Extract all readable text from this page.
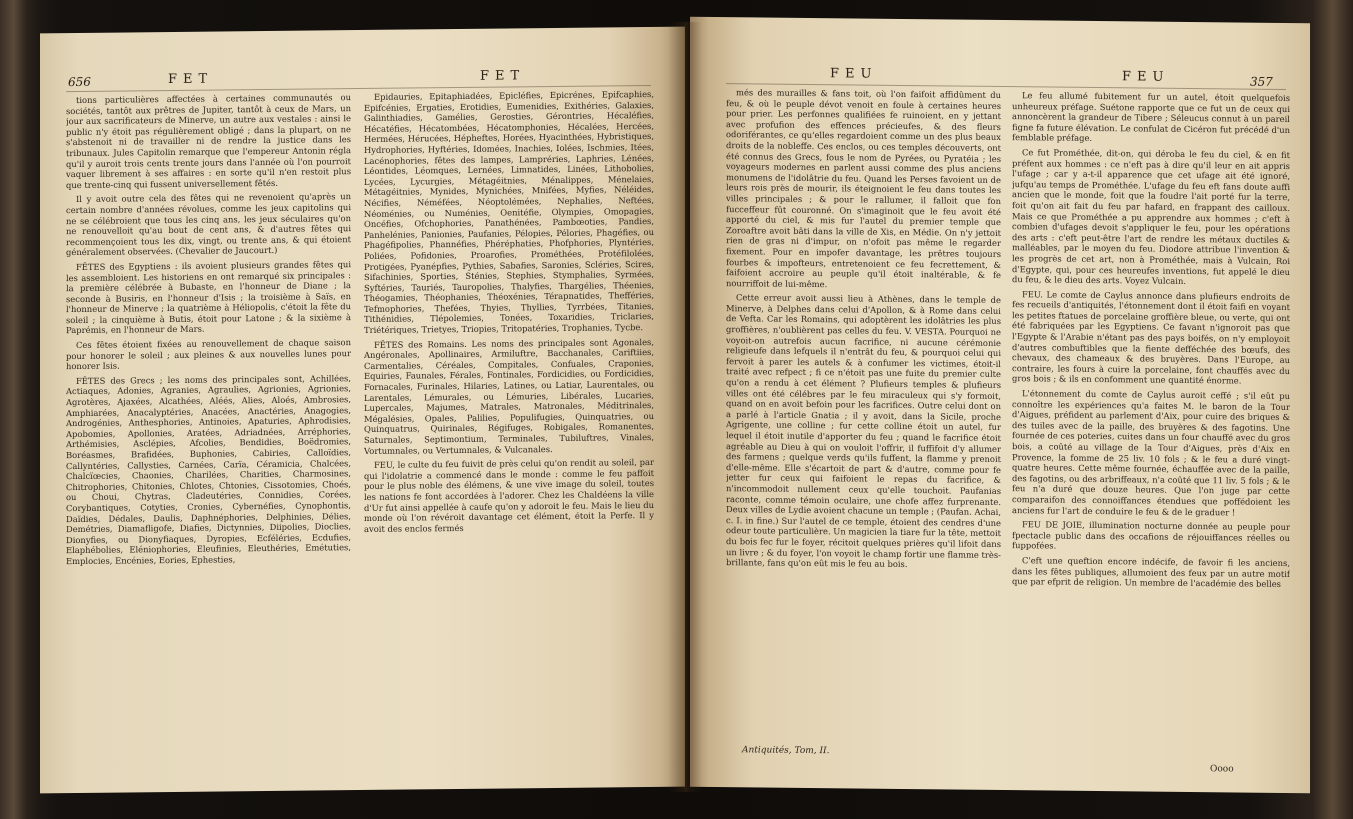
656	FET	FET

tions particulières affectées à certaines communautés ou sociétés, tantôt aux prêtres de Jupiter, tantôt à ceux de Mars, un jour aux sacrificateurs de Minerve, un autre aux vestales : ainsi le public n'y étoit pas régulièrement obligé ; dans la plupart, on ne s'abstenoit ni de travailler ni de rendre la justice dans les tribunaux. Jules Capitolin remarque que l'empereur Antonin régla qu'il y auroit trois cents trente jours dans l'année où l'on pourroit vaquer librement à ses affaires : en sorte qu'il n'en restoit plus que trente-cinq qui fussent universellement fêtés.

Il y avoit outre cela des fêtes qui ne revenoient qu'après un certain nombre d'années révolues, comme les jeux capitolins qui ne se célébroient que tous les cinq ans, les jeux séculaires qu'on ne renouvelloit qu'au bout de cent ans, & d'autres fêtes qui recommençoient tous les dix, vingt, ou trente ans, & qui étoient généralement observées. (Chevalier de Jaucourt.)

FÊTES des Egyptiens : ils avoient plusieurs grandes fêtes qui les assembloient. Les historiens en ont remarqué six principales : la première célébrée à Bubaste, en l'honneur de Diane ; la seconde à Busiris, en l'honneur d'Isis ; la troisième à Saïs, en l'honneur de Minerve ; la quatrième à Héliopolis, c'étoit la fête du soleil ; la cinquième à Butis, étoit pour Latone ; & la sixième à Paprémis, en l'honneur de Mars.

Ces fêtes étoient fixées au renouvellement de chaque saison pour honorer le soleil ; aux pleines & aux nouvelles lunes pour honorer Isis.

FÊTES des Grecs ; les noms des principales sont, Achillées, Actiaques, Adonies, Agranies, Agraulies, Agrionies, Agrionies, Agrotères, Ajaxées, Alcathées, Aléés, Alies, Aloés, Ambrosies, Amphiarées, Anacalyptéries, Anacées, Anactéries, Anagogies, Androgénies, Anthesphories, Antinoies, Apaturies, Aphrodisies, Apobomies, Apollonies, Aratées, Adriadnées, Arréphories, Arthémisies, Asclépies, Afcolies, Bendidies, Boëdromies, Boréasmes, Brafidées, Buphonies, Cabiries, Calloïdies, Callyntéries, Callysties, Carnées, Carïa, Céramicia, Chalcées, Chalcïœcies, Chaonies, Charilées, Charities, Charmosines, Chitrophories, Chitonies, Chlotes, Chtonies, Cissotomies, Choés, ou Choui, Chytras, Cladeutéries, Connidies, Corées, Corybantiques, Cotyties, Cronies, Cybernéfies, Cynophontis, Daïdies, Dédales, Daulis, Daphnéphories, Delphinies, Délies, Demétries, Diamafligofe, Diafies, Dictynnies, Diipolies, Dioclies, Dionyfies, ou Dionyfiaques, Dyropies, Ecféléries, Ecdufies, Elaphébolies, Eléniophories, Eleufinies, Eleuthéries, Emétuties, Emplocies, Encénies, Eories, Ephesties,

Epidauries, Epitaphiadées, Epicléfies, Epicrénes, Epifcaphies, Epifcénies, Ergaties, Erotidies, Eumenidies, Exithéries, Galaxies, Galinthiadies, Gamélies, Gerosties, Gérontries, Hécaléfies, Hécatéfies, Hécatombées, Hécatomphonies, Hécalées, Hercées, Hermées, Hérucées, Hépheftes, Horées, Hyacinthées, Hybristiques, Hydrophories, Hyftéries, Idomées, Inachies, Iolées, Ischmies, Itées, Lacénophories, fêtes des lampes, Lampréries, Laphries, Lénées, Léontides, Léomques, Lernées, Limnatides, Linées, Lithobolies, Lycées, Lycurgies, Métagéitnies, Ménalippes, Ménelaies, Métagéitnies, Mynides, Mynichées, Mnifées, Myfies, Néléides, Nécifies, Néméfées, Néoptolémées, Nephalies, Neftées, Néoménies, ou Numénies, Oenitéfie, Olympies, Omopagies, Oncéfies, Ofchophories, Panathénées, Pambœoties, Pandies, Panhelénies, Panionies, Paufanies, Pélopies, Pélories, Phagéfies, ou Phagéfipolies, Phannéfies, Phéréphaties, Phofphories, Plyntéries, Poliées, Pofidonies, Proarofies, Prométhées, Protéfilolées, Protigées, Pyanépfies, Pythies, Sabafies, Saronies, Scléries, Scires, Sifachinies, Sporties, Sténies, Stephies, Stymphalies, Syrmées, Syftéries, Tauriés, Tauropolies, Thalyfies, Thargélies, Théenies, Théogamies, Théophanies, Théoxénies, Térapnatides, Thefféries, Tefmophories, Thefées, Thyies, Thyllies, Tyrrbées, Titanies, Tithénidies, Tlépolemies, Tonées, Toxaridies, Triclaries, Triétériques, Trietyes, Triopies, Tritopatéries, Trophanies, Tycbe.

FÊTES des Romains. Les noms des principales sont Agonales, Angéronales, Apollinaires, Armiluftre, Bacchanales, Cariftiies, Carmentalies, Céréales, Compitales, Confuales, Craponies, Equiries, Faunales, Férales, Fontinales, Fordicidies, ou Fordicidies, Fornacales, Furinales, Hilaries, Latines, ou Latiar, Laurentales, ou Larentales, Lémurales, ou Lémuries, Libérales, Lucaries, Lupercales, Majumes, Matrales, Matronales, Méditrinales, Mégalésies, Opales, Palilies, Populifugies, Quinquatries, ou Quinquatrus, Quirinales, Régifuges, Robigales, Romanentes, Saturnales, Septimontium, Terminales, Tubiluftres, Vinales, Vortumnales, ou Vertumnales, & Vulcanales.

FEU, le culte du feu fuivit de près celui qu'on rendit au soleil, par qui l'idolatrie a commencé dans le monde : comme le feu paffoit pour le plus noble des élémens, & une vive image du soleil, toutes les nations fe font accordées à l'adorer. Chez les Chaldéens la ville d'Ur fut ainsi appellée à caufe qu'on y adoroit le feu. Mais le lieu du monde où l'on révéroit davantage cet élément, étoit la Perfe. Il y avoit des enclos fermés

FEU	FEU	357

més des murailles & fans toit, où l'on faifoit affidûment du feu, & où le peuple dévot venoit en foule à certaines heures pour prier. Les perfonnes qualifiées fe ruinoient, en y jettant avec profufion des effences précieufes, & des fleurs odoriférantes, ce qu'elles regardoient comme un des plus beaux droits de la nobleffe. Ces enclos, ou ces temples découverts, ont été connus des Grecs, fous le nom de Pyrées, ou Pyratéia ; les voyageurs modernes en parlent aussi comme des plus anciens monumens de l'idolâtrie du feu. Quand les Perses favoient un de leurs rois près de mourir, ils éteignoient le feu dans toutes les villes principales ; & pour le rallumer, il falloit que fon fucceffeur fût couronné. On s'imaginoit que le feu avoit été apporté du ciel, & mis fur l'autel du premier temple que Zoroaftre avoit bâti dans la ville de Xis, en Médie. On n'y jettoit rien de gras ni d'impur, on n'ofoit pas même le regarder fixement. Pour en impofer davantage, les prêtres toujours fourbes & impofteurs, entretenoient ce feu fecrettement, & faifoient accroire au peuple qu'il étoit inaltérable, & fe nourriffoit de lui-même.

Cette erreur avoit aussi lieu à Athènes, dans le temple de Minerve, à Delphes dans celui d'Apollon, & à Rome dans celui de Vefta. Car les Romains, qui adoptèrent les idolâtries les plus groffières, n'oublièrent pas celles du feu. V. VESTA. Pourquoi ne voyoit-on autrefois aucun facrifice, ni aucune cérémonie religieufe dans lefquels il n'entrât du feu, & pourquoi celui qui fervoit à parer les autels & à confumer les victimes, étoit-il traité avec refpect ; fi ce n'étoit pas une fuite du premier culte qu'on a rendu à cet élément ? Plufieurs temples & plufieurs villes ont été célébres par le feu miraculeux qui s'y formoit, quand on en avoit befoin pour les facrifices. Outre celui dont on a parlé à l'article Gnatia ; il y avoit, dans la Sicile, proche Agrigente, une colline ; fur cette colline étoit un autel, fur lequel il étoit inutile d'apporter du feu ; quand le facrifice étoit agréable au Dieu à qui on vouloit l'offrir, il fuffifoit d'y allumer des farmens ; quelque verds qu'ils fuffent, la flamme y prenoit d'elle-même. Elle s'écartoit de part & d'autre, comme pour fe jetter fur ceux qui faifoient le repas du facrifice, & n'incommodoit nullement ceux qu'elle touchoit. Paufanias raconte, comme témoin oculaire, une chofe affez furprenante. Deux villes de Lydie avoient chacune un temple ; (Paufan. Achai, c. I. in fine.) Sur l'autel de ce temple, étoient des cendres d'une odeur toute particulière. Un magicien la tiare fur la tête, mettoit du bois fec fur le foyer, récitoit quelques prières qu'il lifoit dans un livre ; & du foyer, l'on voyoit le champ fortir une flamme très-brillante, fans qu'on eût mis le feu au bois.

Antiquités, Tom, II.

Le feu allumé fubitement fur un autel, étoit quelquefois unheureux préfage. Suétone rapporte que ce fut un de ceux qui annoncèrent la grandeur de Tibere ; Séleucus connut à un pareil figne fa future élévation. Le confulat de Cicéron fut précédé d'un femblable préfage.

Ce fut Prométhée, dit-on, qui déroba le feu du ciel, & en fit préfent aux hommes : ce n'eft pas à dire qu'il leur en ait appris l'ufage ; car y a-t-il apparence que cet ufage ait été ignoré, jufqu'au temps de Prométhée. L'ufage du feu eft fans doute auffi ancien que le monde, foit que la foudre l'ait porté fur la terre, foit qu'on ait fait du feu par hafard, en frappant des cailloux. Mais ce que Prométhée a pu apprendre aux hommes ; c'eft à combien d'ufages devoit s'appliquer le feu, pour les opérations des arts : c'eft peut-être l'art de rendre les métaux ductiles & malléables, par le moyen du feu. Diodore attribue l'invention & les progrès de cet art, non à Prométhée, mais à Vulcain, Roi d'Egypte, qui, pour ces heureufes inventions, fut appelé le dieu du feu, & le dieu des arts. Voyez Vulcain.

FEU. Le comte de Caylus annonce dans plufieurs endroits de fes recueils d'antiquités, l'étonnement dont il étoit faifi en voyant les petites ftatues de porcelaine groffière bleue, ou verte, qui ont été fabriquées par les Egyptiens. Ce favant n'ignoroit pas que l'Egypte & l'Arabie n'étant pas des pays boifés, on n'y employoit d'autres combuftibles que la fiente defféchée des bœufs, des chevaux, des chameaux & des bruyères. Dans l'Europe, au contraire, les fours à cuire la porcelaine, font chauffés avec du gros bois ; & ils en confomment une quantité énorme.

L'étonnement du comte de Caylus auroit ceffé ; s'il eût pu connoître les expériences qu'a faites M. le baron de la Tour d'Aigues, préfident au parlement d'Aix, pour cuire des briques & des tuiles avec de la paille, des bruyères & des fagotins. Une fournée de ces poteries, cuites dans un four chauffé avec du gros bois, a coûté au village de la Tour d'Aigues, près d'Aix en Provence, la fomme de 25 liv. 10 fols ; & le feu a duré vingt-quatre heures. Cette même fournée, échauffée avec de la paille, des fagotins, ou des arbriffeaux, n'a coûté que 11 liv. 5 fols ; & le feu n'a duré que douze heures. Que l'on juge par cette comparaifon des connoiffances étendues que poffédoient les anciens fur l'art de conduire le feu & de le graduer !

FEU DE JOIE, illumination nocturne donnée au peuple pour fpectacle public dans des occafions de réjouiffances réelles ou fuppofées.

C'eft une queftion encore indécife, de favoir fi les anciens, dans les fêtes publiques, allumoient des feux par un autre motif que par efprit de religion. Un membre de l'académie des belles

Oooo
